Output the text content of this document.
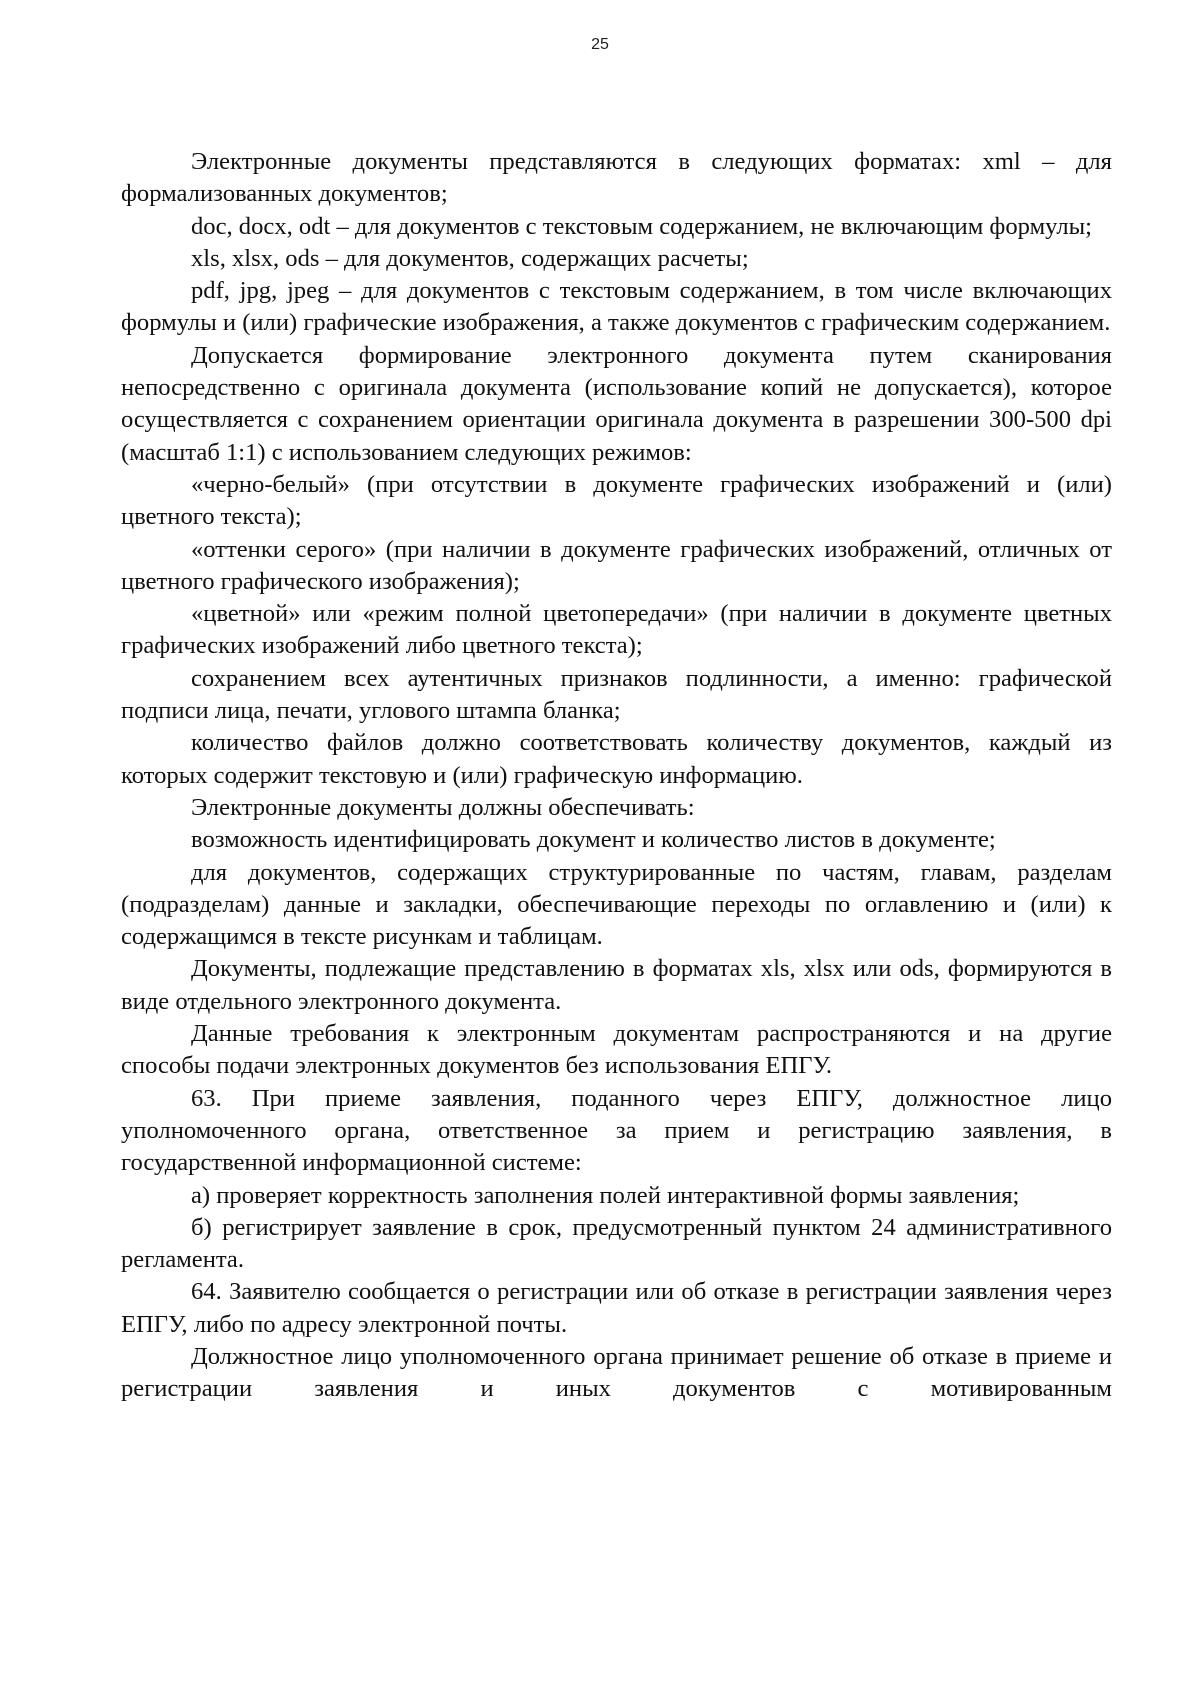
25

Электронные документы представляются в следующих форматах: xml – для формализованных документов;

doc, docx, odt – для документов с текстовым содержанием, не включающим формулы;

xls, xlsx, ods – для документов, содержащих расчеты;

pdf, jpg, jpeg – для документов с текстовым содержанием, в том числе включающих формулы и (или) графические изображения, а также документов с графическим содержанием.

Допускается формирование электронного документа путем сканирования непосредственно с оригинала документа (использование копий не допускается), которое осуществляется с сохранением ориентации оригинала документа в разрешении 300-500 dpi (масштаб 1:1) с использованием следующих режимов:

«черно-белый» (при отсутствии в документе графических изображений и (или) цветного текста);

«оттенки серого» (при наличии в документе графических изображений, отличных от цветного графического изображения);

«цветной» или «режим полной цветопередачи» (при наличии в документе цветных графических изображений либо цветного текста);

сохранением всех аутентичных признаков подлинности, а именно: графической подписи лица, печати, углового штампа бланка;

количество файлов должно соответствовать количеству документов, каждый из которых содержит текстовую и (или) графическую информацию.

Электронные документы должны обеспечивать:

возможность идентифицировать документ и количество листов в документе;

для документов, содержащих структурированные по частям, главам, разделам (подразделам) данные и закладки, обеспечивающие переходы по оглавлению и (или) к содержащимся в тексте рисункам и таблицам.

Документы, подлежащие представлению в форматах xls, xlsx или ods, формируются в виде отдельного электронного документа.

Данные требования к электронным документам распространяются и на другие способы подачи электронных документов без использования ЕПГУ.

63. При приеме заявления, поданного через ЕПГУ, должностное лицо уполномоченного органа, ответственное за прием и регистрацию заявления, в государственной информационной системе:

а) проверяет корректность заполнения полей интерактивной формы заявления;

б) регистрирует заявление в срок, предусмотренный пунктом 24 административного регламента.

64. Заявителю сообщается о регистрации или об отказе в регистрации заявления через ЕПГУ, либо по адресу электронной почты.

Должностное лицо уполномоченного органа принимает решение об отказе в приеме и регистрации заявления и иных документов с мотивированным
